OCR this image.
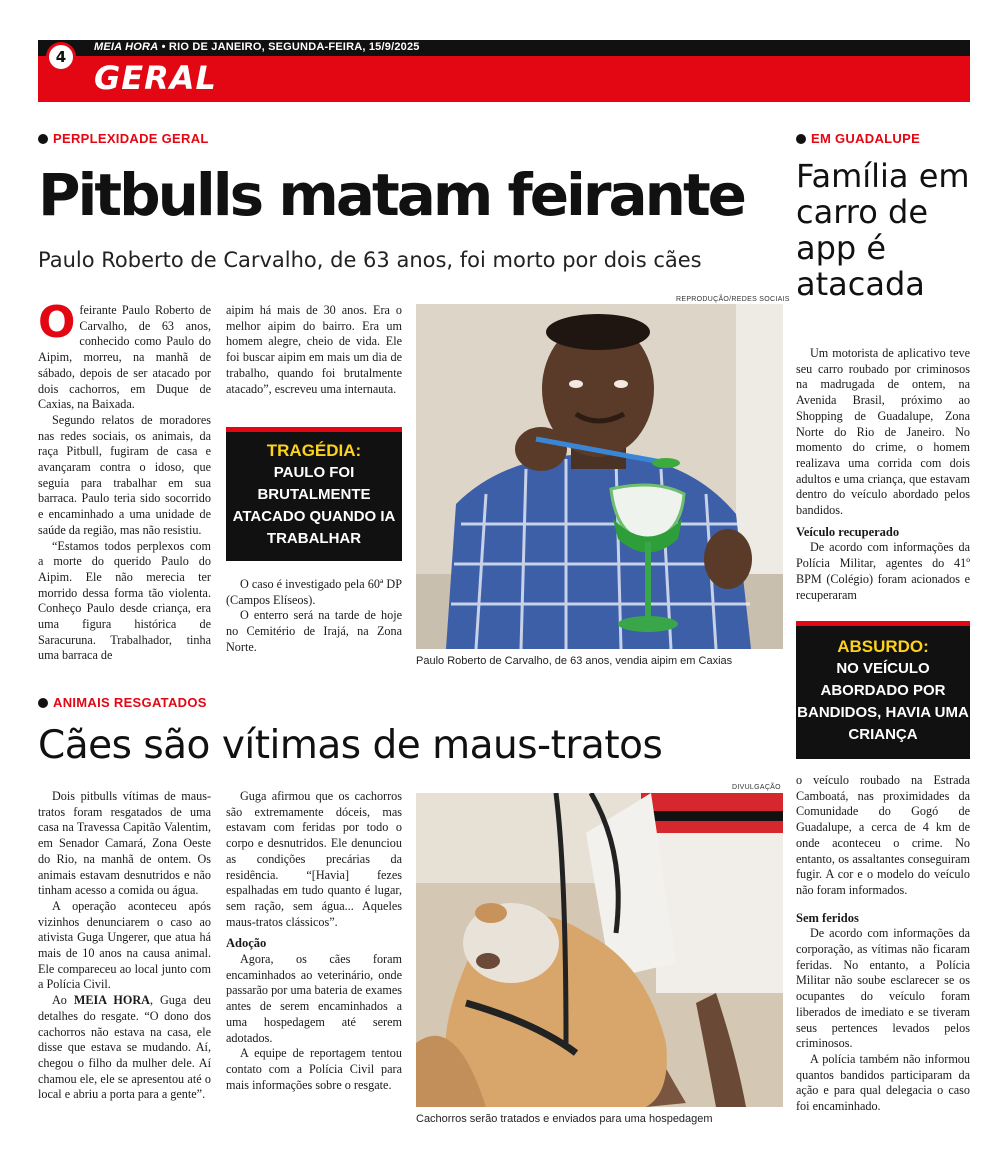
MEIA HORA • RIO DE JANEIRO, SEGUNDA-FEIRA, 15/9/2025
4
GERAL
PERPLEXIDADE GERAL
Pitbulls matam feirante
Paulo Roberto de Carvalho, de 63 anos, foi morto por dois cães

Ofeirante Paulo Roberto de Carvalho, de 63 anos, conhecido como Paulo do Aipim, morreu, na manhã de sábado, depois de ser atacado por dois cachorros, em Duque de Caxias, na Baixada.

Segundo relatos de moradores nas redes sociais, os animais, da raça Pitbull, fugiram de casa e avançaram contra o idoso, que seguia para trabalhar em sua barraca. Paulo teria sido socorrido e encaminhado a uma unidade de saúde da região, mas não resistiu.

“Estamos todos perplexos com a morte do querido Paulo do Aipim. Ele não merecia ter morrido dessa forma tão violenta. Conheço Paulo desde criança, era uma figura histórica de Saracuruna. Trabalhador, tinha uma barraca de

aipim há mais de 30 anos. Era o melhor aipim do bairro. Era um homem alegre, cheio de vida. Ele foi buscar aipim em mais um dia de trabalho, quando foi brutalmente atacado”, escreveu uma internauta.

TRAGÉDIA:
PAULO FOI BRUTALMENTE ATACADO QUANDO IA TRABALHAR

O caso é investigado pela 60ª DP (Campos Elíseos).

O enterro será na tarde de hoje no Cemitério de Irajá, na Zona Norte.

REPRODUÇÃO/REDES SOCIAIS
Paulo Roberto de Carvalho, de 63 anos, vendia aipim em Caxias
ANIMAIS RESGATADOS
Cães são vítimas de maus-tratos

Dois pitbulls vítimas de maus-tratos foram resgatados de uma casa na Travessa Capitão Valentim, em Senador Camará, Zona Oeste do Rio, na manhã de ontem. Os animais estavam desnutridos e não tinham acesso a comida ou água.

A operação aconteceu após vizinhos denunciarem o caso ao ativista Guga Ungerer, que atua há mais de 10 anos na causa animal. Ele compareceu ao local junto com a Polícia Civil.

Ao MEIA HORA, Guga deu detalhes do resgate. “O dono dos cachorros não estava na casa, ele disse que estava se mudando. Aí, chegou o filho da mulher dele. Aí chamou ele, ele se apresentou até o local e abriu a porta para a gente”.

Guga afirmou que os cachorros são extremamente dóceis, mas estavam com feridas por todo o corpo e desnutridos. Ele denunciou as condições precárias da residência. “[Havia] fezes espalhadas em tudo quanto é lugar, sem ração, sem água... Aqueles maus-tratos clássicos”.

Adoção

Agora, os cães foram encaminhados ao veterinário, onde passarão por uma bateria de exames antes de serem encaminhados a uma hospedagem até serem adotados.

A equipe de reportagem tentou contato com a Polícia Civil para mais informações sobre o resgate.

DIVULGAÇÃO
Cachorros serão tratados e enviados para uma hospedagem
EM GUADALUPE
Família em carro de app é atacada

Um motorista de aplicativo teve seu carro roubado por criminosos na madrugada de ontem, na Avenida Brasil, próximo ao Shopping de Guadalupe, Zona Norte do Rio de Janeiro. No momento do crime, o homem realizava uma corrida com dois adultos e uma criança, que estavam dentro do veículo abordado pelos bandidos.

Veículo recuperado

De acordo com informações da Polícia Militar, agentes do 41º BPM (Colégio) foram acionados e recuperaram

ABSURDO:
NO VEÍCULO ABORDADO POR BANDIDOS, HAVIA UMA CRIANÇA

o veículo roubado na Estrada Camboatá, nas proximidades da Comunidade do Gogó de Guadalupe, a cerca de 4 km de onde aconteceu o crime. No entanto, os assaltantes conseguiram fugir. A cor e o modelo do veículo não foram informados.

Sem feridos

De acordo com informações da corporação, as vítimas não ficaram feridas. No entanto, a Polícia Militar não soube esclarecer se os ocupantes do veículo foram liberados de imediato e se tiveram seus pertences levados pelos criminosos.

A polícia também não informou quantos bandidos participaram da ação e para qual delegacia o caso foi encaminhado.
